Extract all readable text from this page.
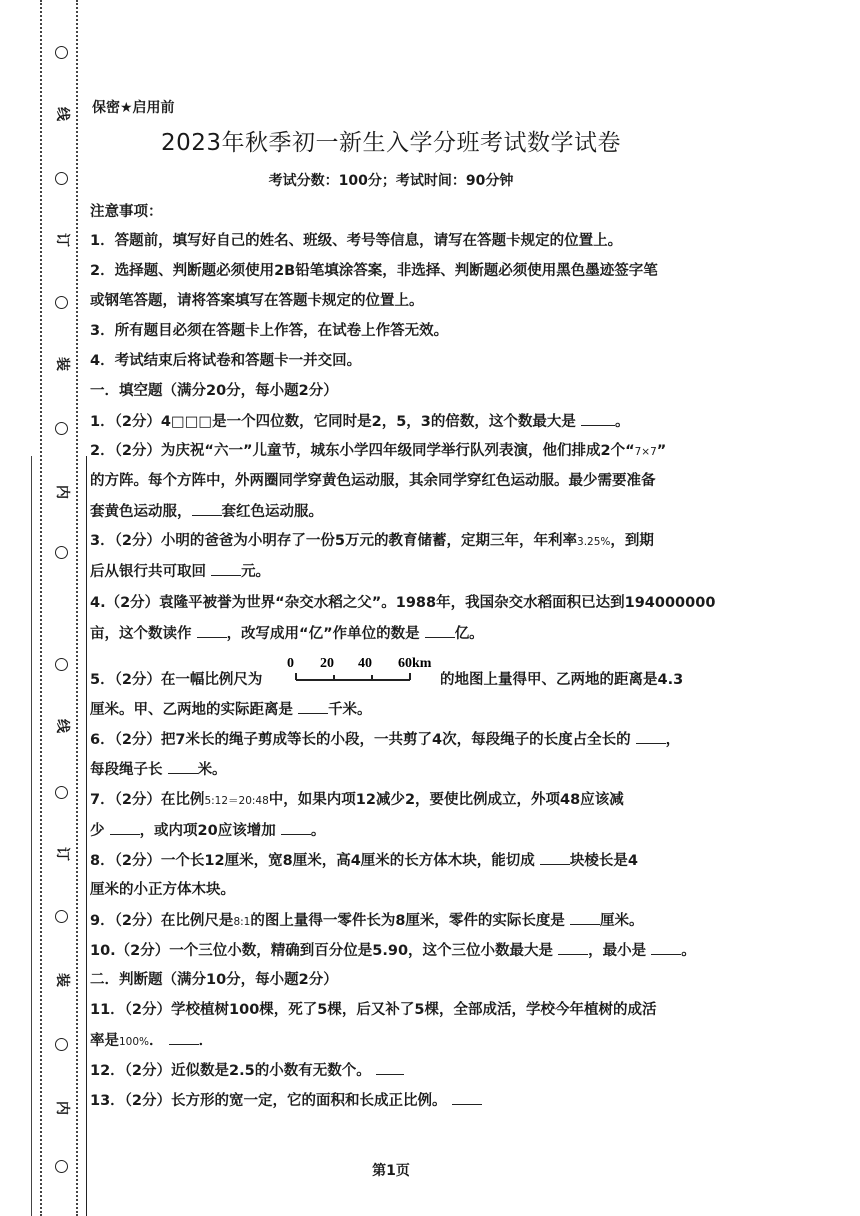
线
订
装
内
线
订
装
内
保密★启用前
2023年秋季初一新生入学分班考试数学试卷
考试分数：100分；考试时间：90分钟
注意事项：
1．答题前，填写好自己的姓名、班级、考号等信息，请写在答题卡规定的位置上。
2．选择题、判断题必须使用2B铅笔填涂答案，非选择、判断题必须使用黑色墨迹签字笔
或钢笔答题，请将答案填写在答题卡规定的位置上。
3．所有题目必须在答题卡上作答，在试卷上作答无效。
4．考试结束后将试卷和答题卡一并交回。
一．填空题（满分20分，每小题2分）
1．（2分）4□□□是一个四位数，它同时是2，5，3的倍数，这个数最大是	。
2．（2分）为庆祝“六一”儿童节，城东小学四年级同学举行队列表演，他们排成2个“7×7”
的方阵。每个方阵中，外两圈同学穿黄色运动服，其余同学穿红色运动服。最少需要准备
套黄色运动服， 套红色运动服。
3．（2分）小明的爸爸为小明存了一份5万元的教育储蓄，定期三年，年利率3.25%，到期
后从银行共可取回 元。
4.（2分）袁隆平被誉为世界“杂交水稻之父”。1988年，我国杂交水稻面积已达到194000000
亩，这个数读作 ，改写成用“亿”作单位的数是 亿。
5．（2分）在一幅比例尺为	的地图上量得甲、乙两地的距离是4.3
0 20 40 60km
厘米。甲、乙两地的实际距离是 千米。
6．（2分）把7米长的绳子剪成等长的小段，一共剪了4次，每段绳子的长度占全长的 ，
每段绳子长 米。
7．（2分）在比例5:12＝20:48中，如果内项12减少2，要使比例成立，外项48应该减
少 ，或内项20应该增加 。
8．（2分）一个长12厘米，宽8厘米，高4厘米的长方体木块，能切成 块棱长是4
厘米的小正方体木块。
9．（2分）在比例尺是8:1的图上量得一零件长为8厘米，零件的实际长度是 厘米。
10.（2分）一个三位小数，精确到百分位是5.90，这个三位小数最大是 ，最小是 。
二．判断题（满分10分，每小题2分）
11．（2分）学校植树100棵，死了5棵，后又补了5棵，全部成活，学校今年植树的成活
率是100%． ．
12．（2分）近似数是2.5的小数有无数个。
13．（2分）长方形的宽一定，它的面积和长成正比例。
第1页
